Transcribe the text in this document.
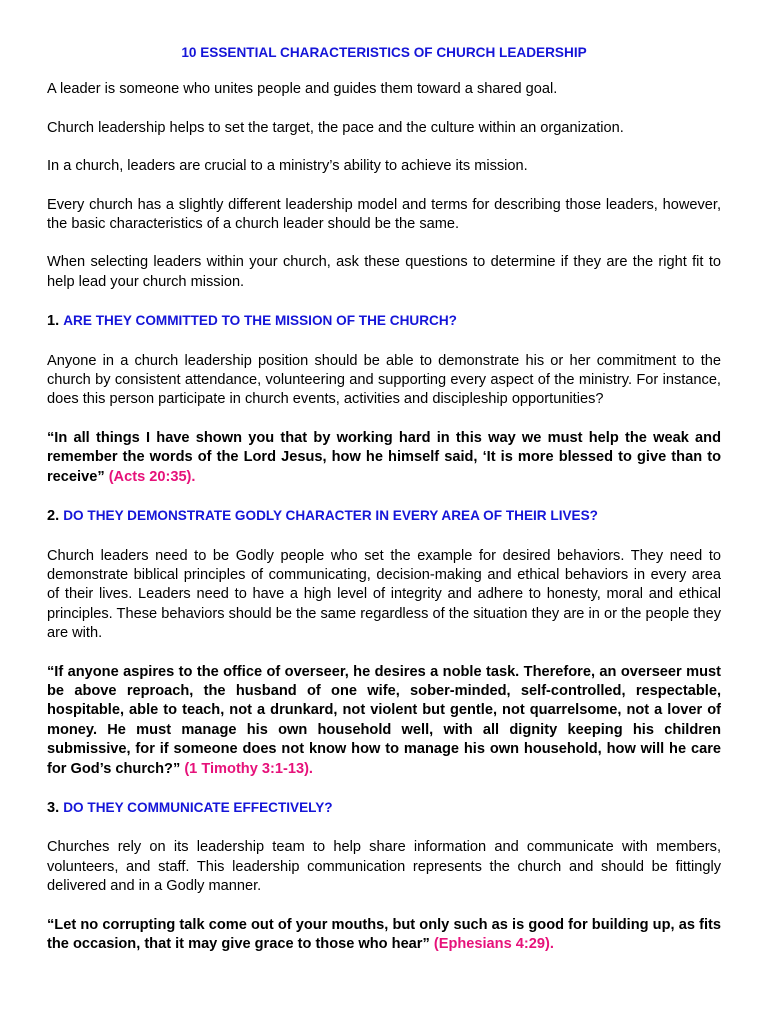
10 ESSENTIAL CHARACTERISTICS OF CHURCH LEADERSHIP

A leader is someone who unites people and guides them toward a shared goal.

Church leadership helps to set the target, the pace and the culture within an organization.

In a church, leaders are crucial to a ministry’s ability to achieve its mission.

Every church has a slightly different leadership model and terms for describing those leaders, however, the basic characteristics of a church leader should be the same.

When selecting leaders within your church, ask these questions to determine if they are the right fit to help lead your church mission.

1. ARE THEY COMMITTED TO THE MISSION OF THE CHURCH?

Anyone in a church leadership position should be able to demonstrate his or her commitment to the church by consistent attendance, volunteering and supporting every aspect of the ministry. For instance, does this person participate in church events, activities and discipleship opportunities?

“In all things I have shown you that by working hard in this way we must help the weak and remember the words of the Lord Jesus, how he himself said, ‘It is more blessed to give than to receive” (Acts 20:35).

2. DO THEY DEMONSTRATE GODLY CHARACTER IN EVERY AREA OF THEIR LIVES?

Church leaders need to be Godly people who set the example for desired behaviors. They need to demonstrate biblical principles of communicating, decision-making and ethical behaviors in every area of their lives. Leaders need to have a high level of integrity and adhere to honesty, moral and ethical principles. These behaviors should be the same regardless of the situation they are in or the people they are with.

“If anyone aspires to the office of overseer, he desires a noble task. Therefore, an overseer must be above reproach, the husband of one wife, sober-minded, self-controlled, respectable, hospitable, able to teach, not a drunkard, not violent but gentle, not quarrelsome, not a lover of money. He must manage his own household well, with all dignity keeping his children submissive, for if someone does not know how to manage his own household, how will he care for God’s church?” (1 Timothy 3:1-13).

3. DO THEY COMMUNICATE EFFECTIVELY?

Churches rely on its leadership team to help share information and communicate with members, volunteers, and staff. This leadership communication represents the church and should be fittingly delivered and in a Godly manner.

“Let no corrupting talk come out of your mouths, but only such as is good for building up, as fits the occasion, that it may give grace to those who hear” (Ephesians 4:29).
